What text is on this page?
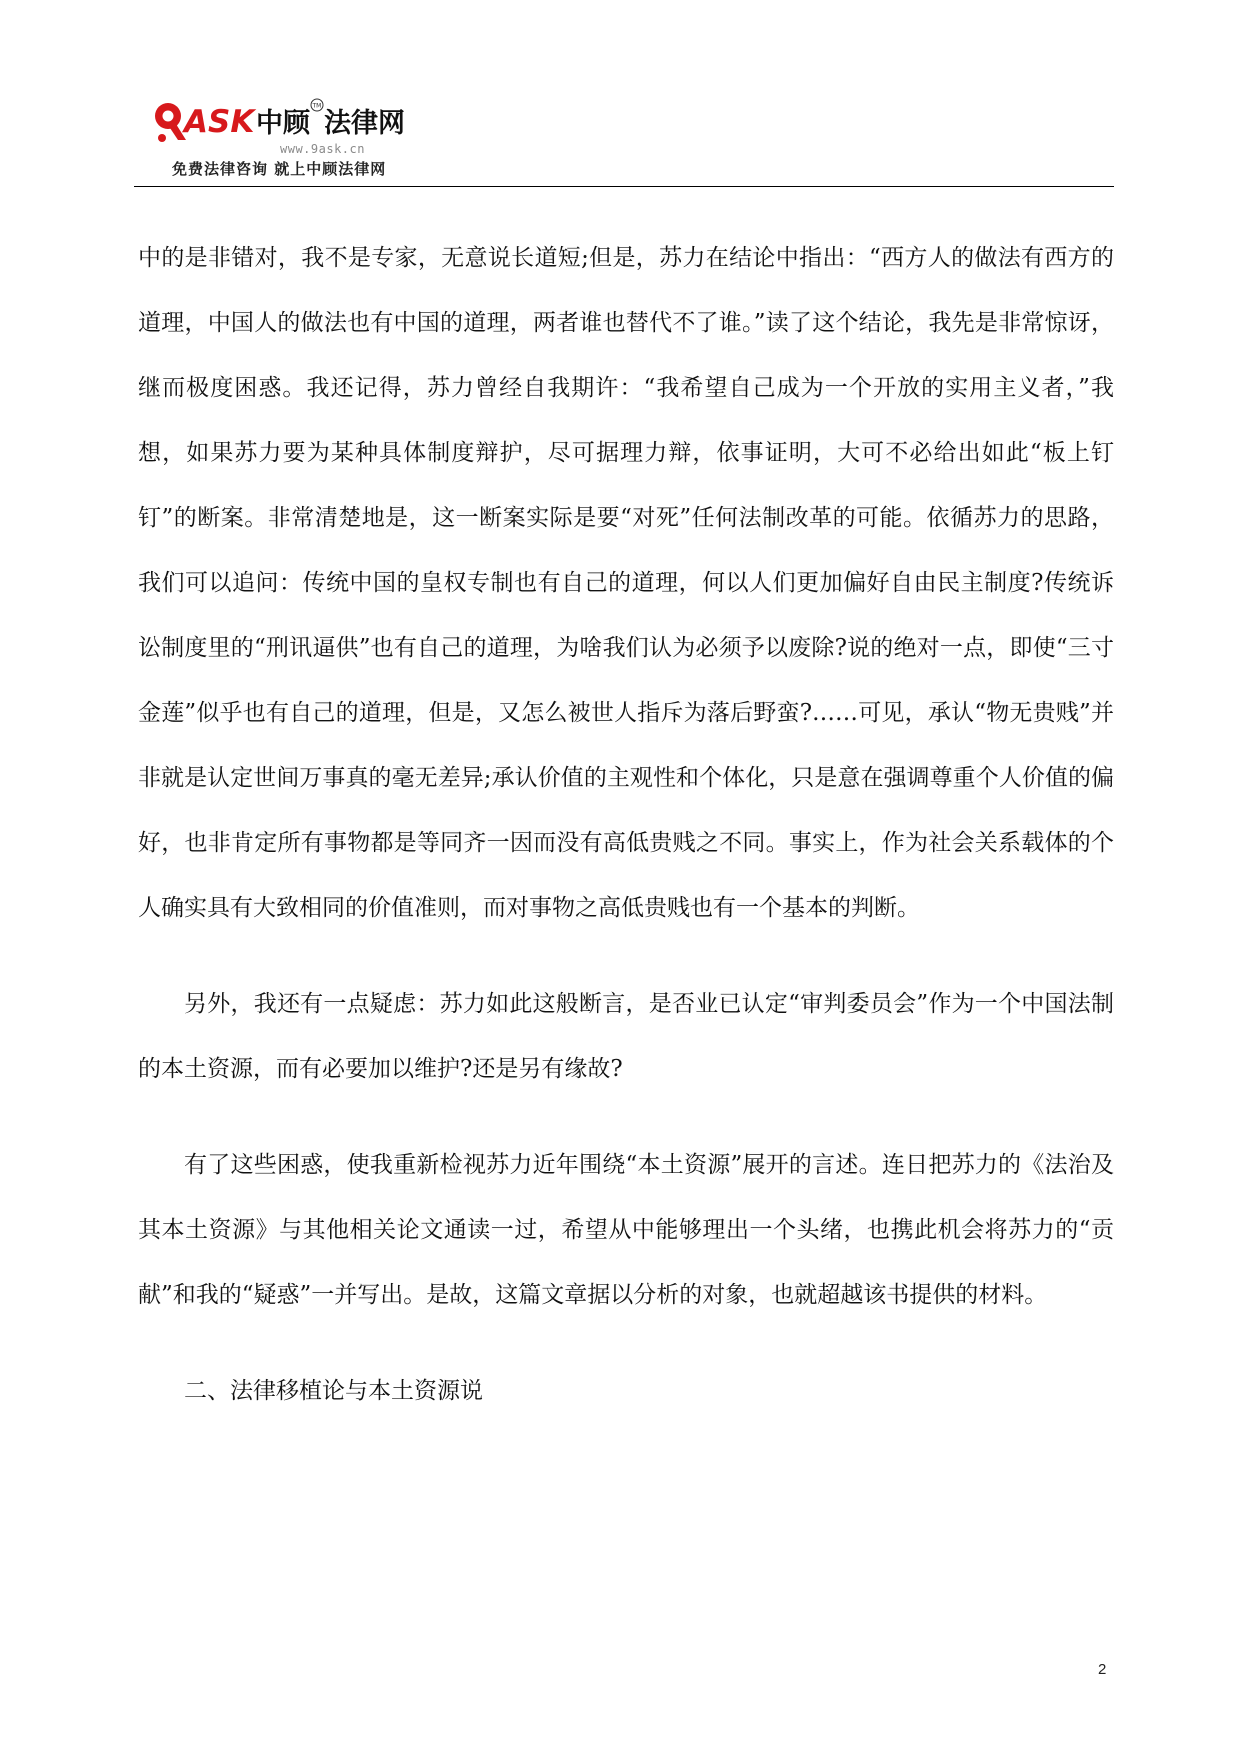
ASK 中顾
TM
法律网
www.9ask.cn
免费法律咨询 就上中顾法律网

中的是非错对，我不是专家，无意说长道短;但是，苏力在结论中指出：“西方人的做法有西方的道理，中国人的做法也有中国的道理，两者谁也替代不了谁。”读了这个结论，我先是非常惊讶，继而极度困惑。我还记得，苏力曾经自我期许：“我希望自己成为一个开放的实用主义者，”我想，如果苏力要为某种具体制度辩护，尽可据理力辩，依事证明，大可不必给出如此“板上钉钉”的断案。非常清楚地是，这一断案实际是要“对死”任何法制改革的可能。依循苏力的思路，我们可以追问：传统中国的皇权专制也有自己的道理，何以人们更加偏好自由民主制度?传统诉讼制度里的“刑讯逼供”也有自己的道理，为啥我们认为必须予以废除?说的绝对一点，即使“三寸金莲”似乎也有自己的道理，但是，又怎么被世人指斥为落后野蛮?……可见，承认“物无贵贱”并非就是认定世间万事真的毫无差异;承认价值的主观性和个体化，只是意在强调尊重个人价值的偏好，也非肯定所有事物都是等同齐一因而没有高低贵贱之不同。事实上，作为社会关系载体的个人确实具有大致相同的价值准则，而对事物之高低贵贱也有一个基本的判断。

另外，我还有一点疑虑：苏力如此这般断言，是否业已认定“审判委员会”作为一个中国法制的本土资源，而有必要加以维护?还是另有缘故?

有了这些困惑，使我重新检视苏力近年围绕“本土资源”展开的言述。连日把苏力的《法治及其本土资源》与其他相关论文通读一过，希望从中能够理出一个头绪，也携此机会将苏力的“贡献”和我的“疑惑”一并写出。是故，这篇文章据以分析的对象，也就超越该书提供的材料。

二、法律移植论与本土资源说

2
